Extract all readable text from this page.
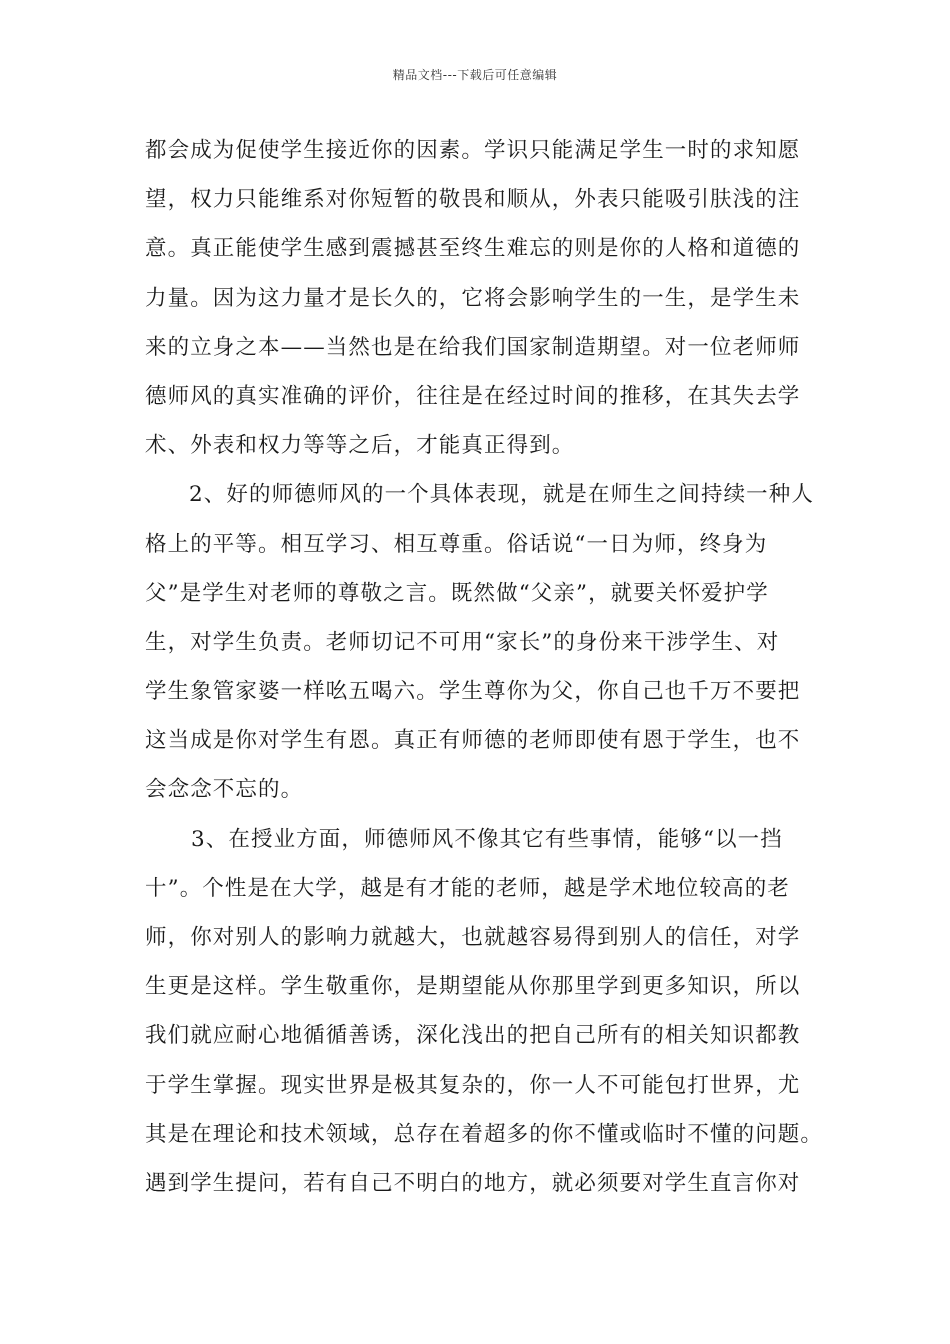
精品文档---下载后可任意编辑
都会成为促使学生接近你的因素。学识只能满足学生一时的求知愿
望，权力只能维系对你短暂的敬畏和顺从，外表只能吸引肤浅的注
意。真正能使学生感到震撼甚至终生难忘的则是你的人格和道德的
力量。因为这力量才是长久的，它将会影响学生的一生，是学生未
来的立身之本——当然也是在给我们国家制造期望。对一位老师师
德师风的真实准确的评价，往往是在经过时间的推移，在其失去学
术、外表和权力等等之后，才能真正得到。
2、好的师德师风的一个具体表现，就是在师生之间持续一种人
格上的平等。相互学习、相互尊重。俗话说“一日为师，终身为
父”是学生对老师的尊敬之言。既然做“父亲”，就要关怀爱护学
生，对学生负责。老师切记不可用“家长”的身份来干涉学生、对
学生象管家婆一样吆五喝六。学生尊你为父，你自己也千万不要把
这当成是你对学生有恩。真正有师德的老师即使有恩于学生，也不
会念念不忘的。
3、在授业方面，师德师风不像其它有些事情，能够“以一挡
十”。个性是在大学，越是有才能的老师，越是学术地位较高的老
师，你对别人的影响力就越大，也就越容易得到别人的信任，对学
生更是这样。学生敬重你，是期望能从你那里学到更多知识，所以
我们就应耐心地循循善诱，深化浅出的把自己所有的相关知识都教
于学生掌握。现实世界是极其复杂的，你一人不可能包打世界，尤
其是在理论和技术领域，总存在着超多的你不懂或临时不懂的问题。
遇到学生提问，若有自己不明白的地方，就必须要对学生直言你对
